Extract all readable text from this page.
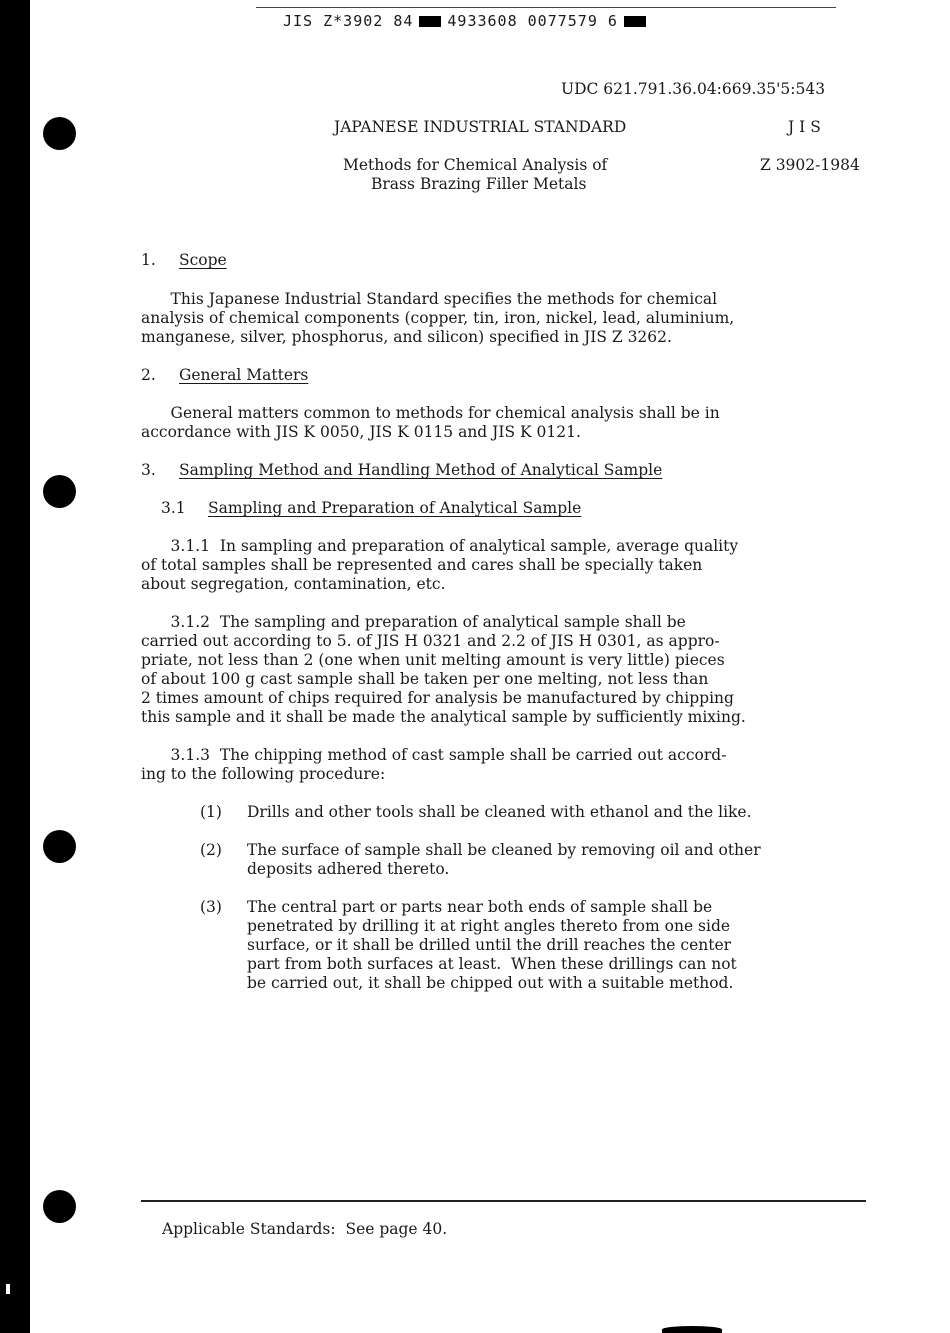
JIS Z*3902 84 4933608 0077579 6
UDC 621.791.36.04:669.35'5:543
JAPANESE INDUSTRIAL STANDARD	J I S
Methods for Chemical Analysis of
Brass Brazing Filler Metals
Z 3902-1984
1. Scope
This Japanese Industrial Standard specifies the methods for chemical
analysis of chemical components (copper, tin, iron, nickel, lead, aluminium,
manganese, silver, phosphorus, and silicon) specified in JIS Z 3262.
2. General Matters
General matters common to methods for chemical analysis shall be in
accordance with JIS K 0050, JIS K 0115 and JIS K 0121.
3. Sampling Method and Handling Method of Analytical Sample
3.1 Sampling and Preparation of Analytical Sample
3.1.1  In sampling and preparation of analytical sample, average quality
of total samples shall be represented and cares shall be specially taken
about segregation, contamination, etc.
3.1.2  The sampling and preparation of analytical sample shall be
carried out according to 5. of JIS H 0321 and 2.2 of JIS H 0301, as appro-
priate, not less than 2 (one when unit melting amount is very little) pieces
of about 100 g cast sample shall be taken per one melting, not less than
2 times amount of chips required for analysis be manufactured by chipping
this sample and it shall be made the analytical sample by sufficiently mixing.
3.1.3  The chipping method of cast sample shall be carried out accord-
ing to the following procedure:
(1) Drills and other tools shall be cleaned with ethanol and the like.
(2) The surface of sample shall be cleaned by removing oil and other
deposits adhered thereto.
(3) The central part or parts near both ends of sample shall be
penetrated by drilling it at right angles thereto from one side
surface, or it shall be drilled until the drill reaches the center
part from both surfaces at least.  When these drillings can not
be carried out, it shall be chipped out with a suitable method.
Applicable Standards:  See page 40.
